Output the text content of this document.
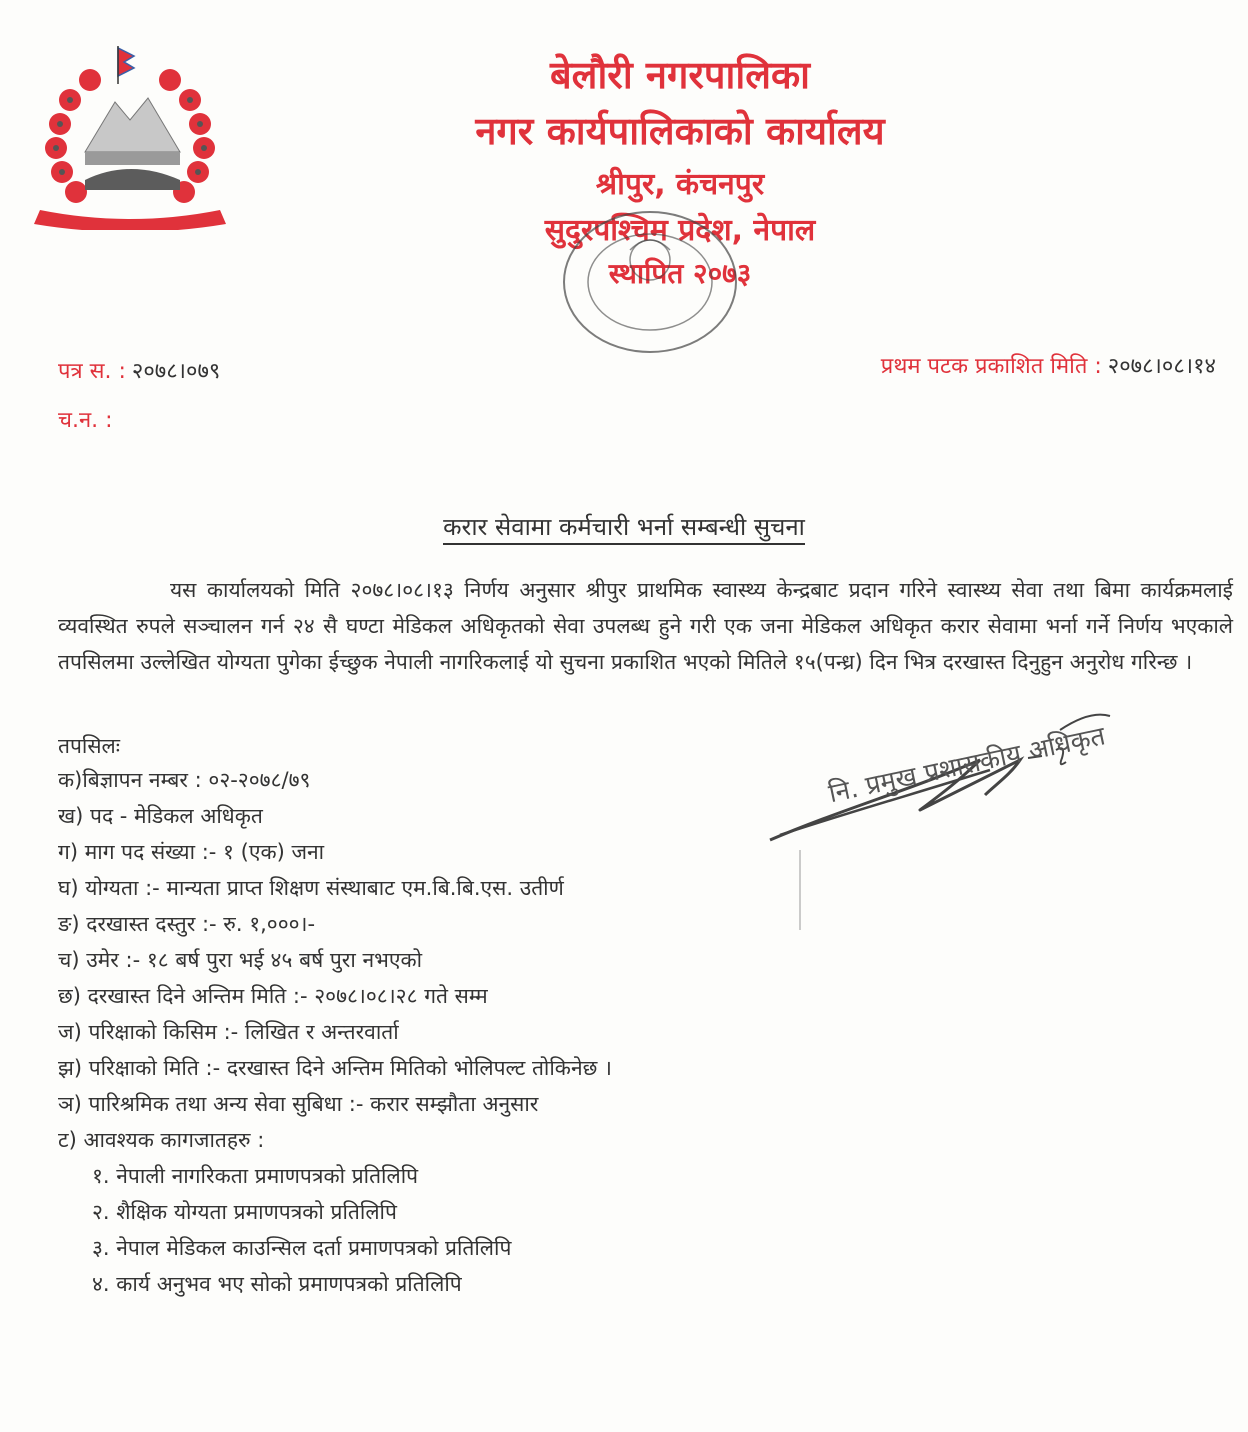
बेलौरी नगरपालिका
नगर कार्यपालिकाको कार्यालय
श्रीपुर, कंचनपुर
सुदुरपश्चिम प्रदेश, नेपाल
स्थापित २०७३
पत्र स. : २०७८।०७९
च.न. :
प्रथम पटक प्रकाशित मिति : २०७८।०८।१४
करार सेवामा कर्मचारी भर्ना सम्बन्धी सुचना
यस कार्यालयको मिति २०७८।०८।१३ निर्णय अनुसार श्रीपुर प्राथमिक स्वास्थ्य केन्द्रबाट प्रदान गरिने स्वास्थ्य सेवा तथा बिमा कार्यक्रमलाई व्यवस्थित रुपले सञ्चालन गर्न २४ सै घण्टा मेडिकल अधिकृतको सेवा उपलब्ध हुने गरी एक जना मेडिकल अधिकृत करार सेवामा भर्ना गर्ने निर्णय भएकाले तपसिलमा उल्लेखित योग्यता पुगेका ईच्छुक नेपाली नागरिकलाई यो सुचना प्रकाशित भएको मितिले १५(पन्ध्र) दिन भित्र दरखास्त दिनुहुन अनुरोध गरिन्छ ।
तपसिलः
क)बिज्ञापन नम्बर : ०२-२०७८/७९
ख) पद - मेडिकल अधिकृत
ग) माग पद संख्या :- १ (एक) जना
घ) योग्यता :- मान्यता प्राप्त शिक्षण संस्थाबाट एम.बि.बि.एस. उतीर्ण
ङ) दरखास्त दस्तुर :- रु. १,०००।-
च) उमेर :- १८ बर्ष पुरा भई ४५ बर्ष पुरा नभएको
छ) दरखास्त दिने अन्तिम मिति :- २०७८।०८।२८ गते सम्म
ज) परिक्षाको किसिम :- लिखित र अन्तरवार्ता
झ) परिक्षाको मिति :- दरखास्त दिने अन्तिम मितिको भोलिपल्ट तोकिनेछ ।
ञ) पारिश्रमिक तथा अन्य सेवा सुबिधा :- करार सम्झौता अनुसार
ट) आवश्यक कागजातहरु :
१. नेपाली नागरिकता प्रमाणपत्रको प्रतिलिपि
२. शैक्षिक योग्यता प्रमाणपत्रको प्रतिलिपि
३. नेपाल मेडिकल काउन्सिल दर्ता प्रमाणपत्रको प्रतिलिपि
४. कार्य अनुभव भए सोको प्रमाणपत्रको प्रतिलिपि
नि. प्रमुख प्रशासकीय अधिकृत
